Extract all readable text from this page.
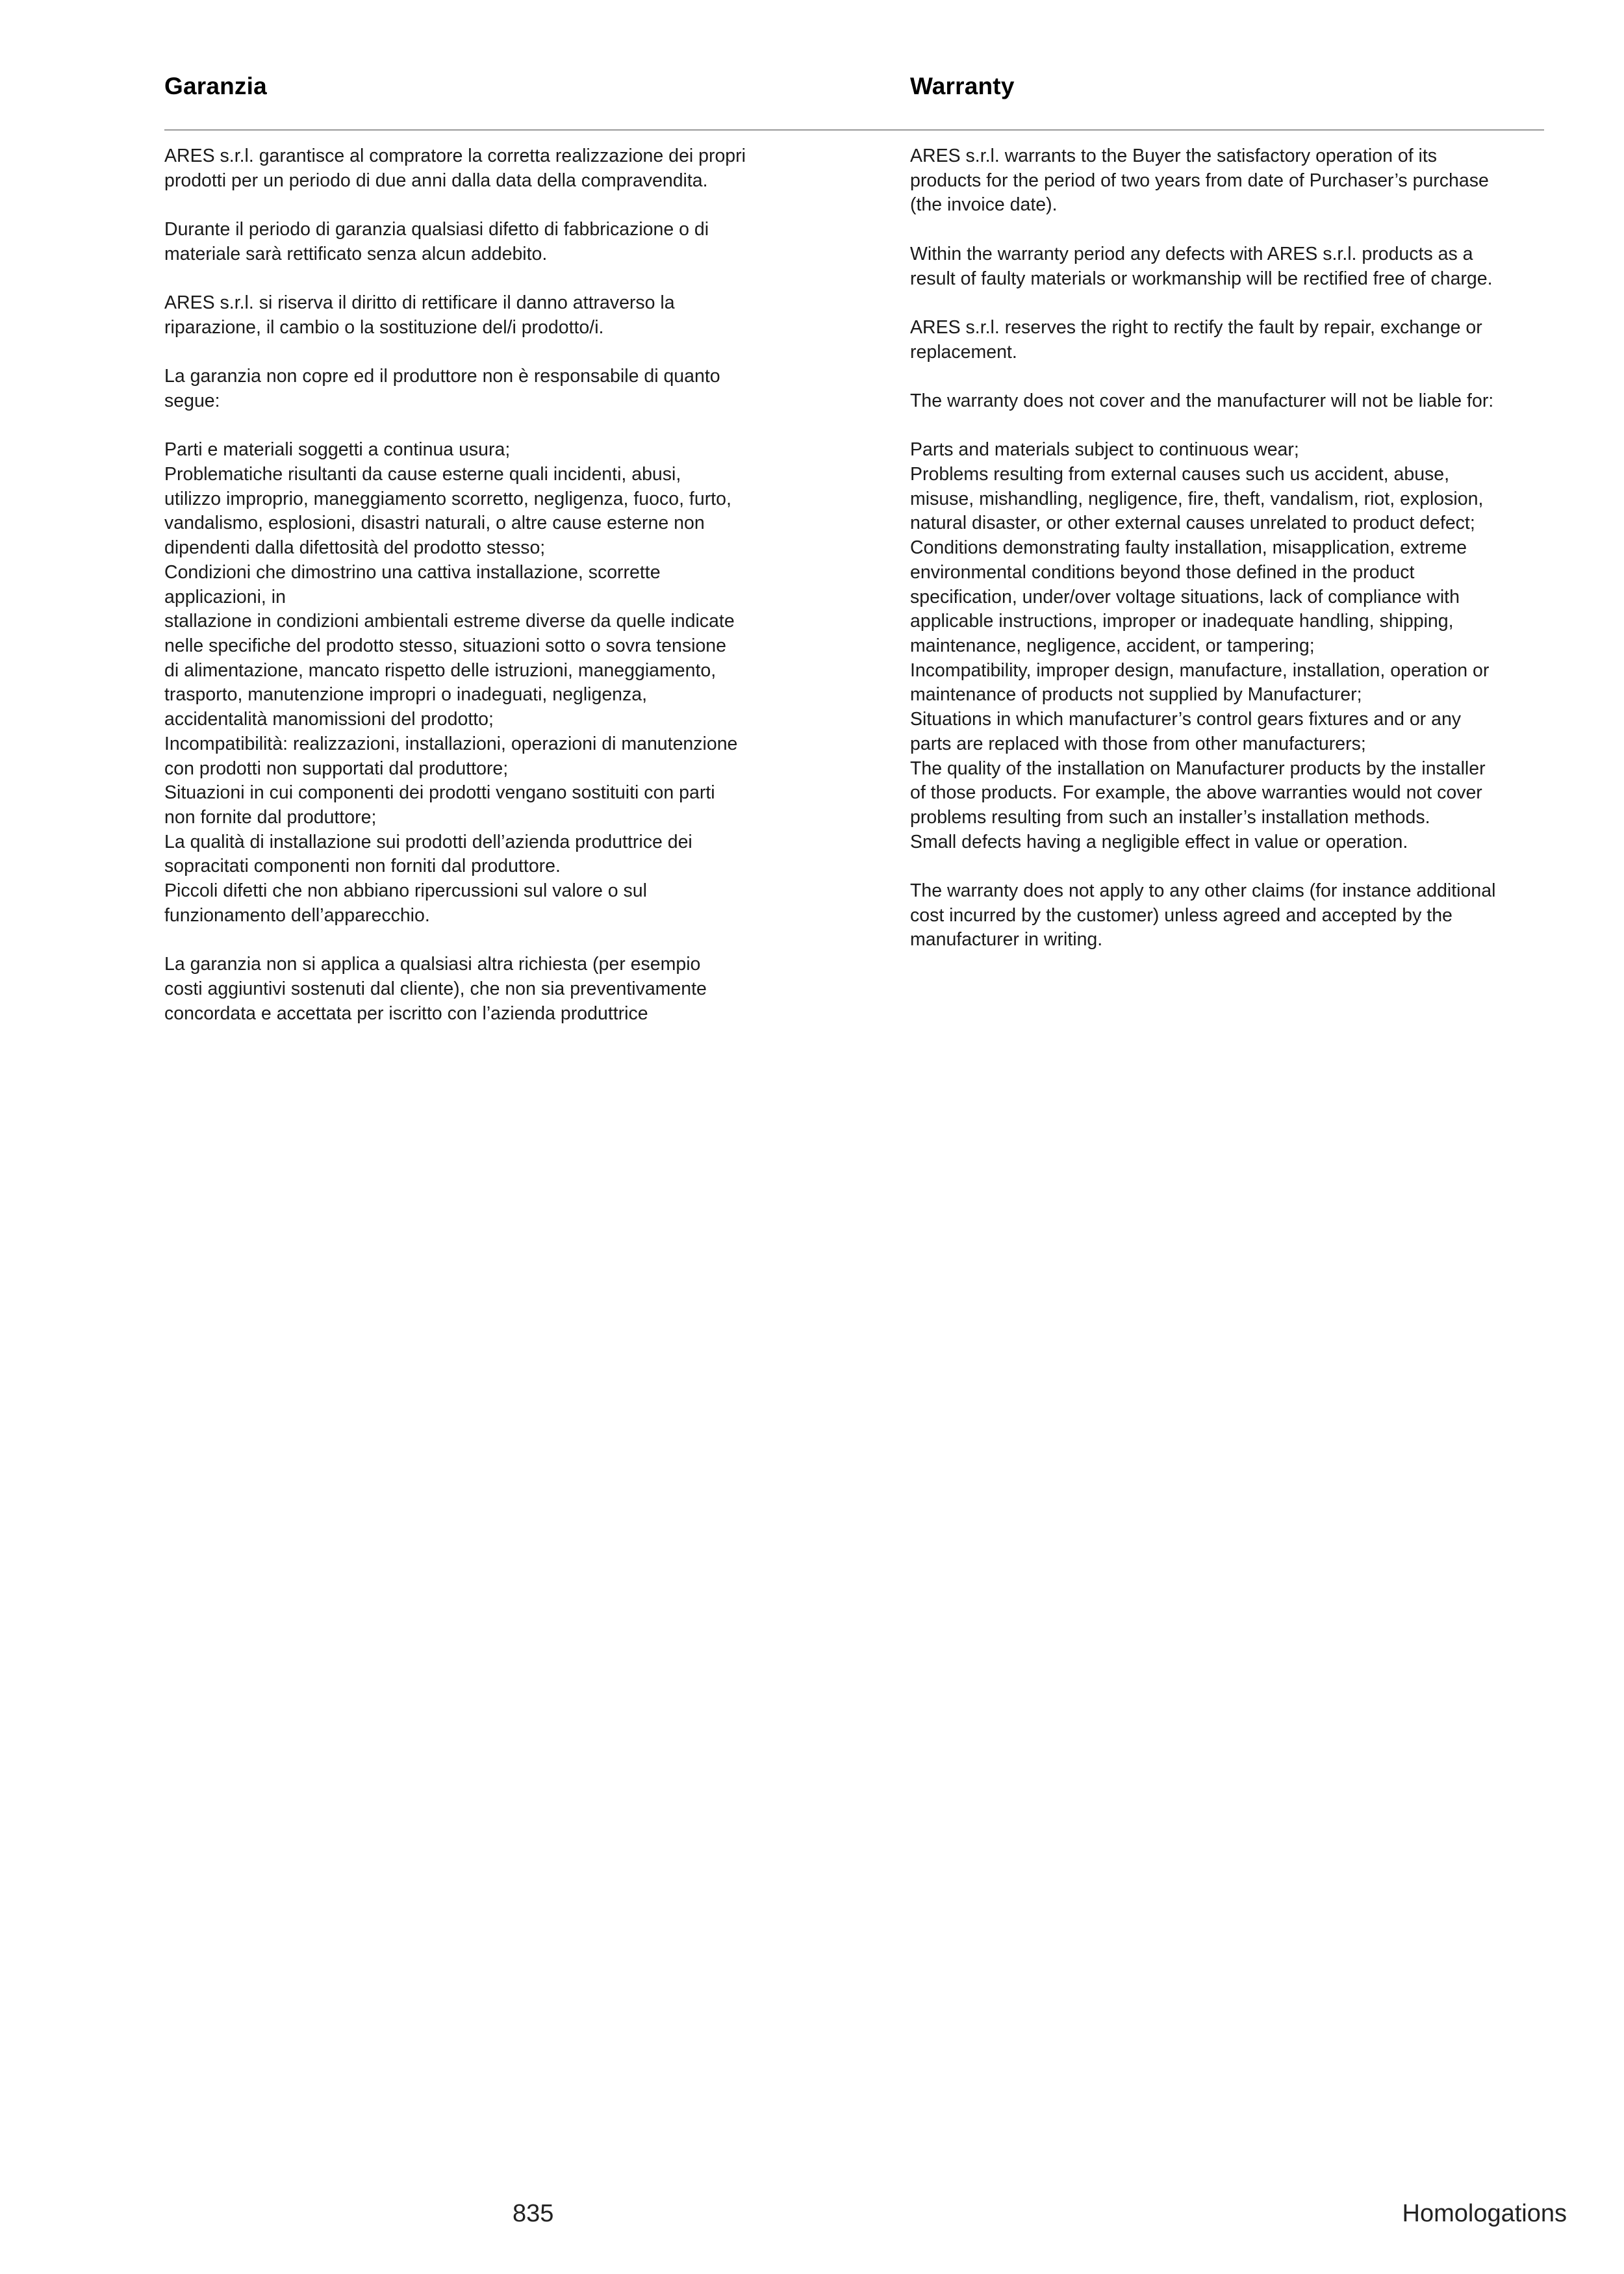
Garanzia
ARES s.r.l. garantisce al compratore la corretta realizzazione dei propri
prodotti per un periodo di due anni dalla data della compravendita.
Durante il periodo di garanzia qualsiasi difetto di fabbricazione o di
materiale sarà rettificato senza alcun addebito.
ARES s.r.l. si riserva il diritto di rettificare il danno attraverso la
riparazione, il cambio o la sostituzione del/i prodotto/i.
La garanzia non copre ed il produttore non è responsabile di quanto
segue:
Parti e materiali soggetti a continua usura;
Problematiche risultanti da cause esterne quali incidenti, abusi,
utilizzo improprio, maneggiamento scorretto, negligenza, fuoco, furto,
vandalismo, esplosioni, disastri naturali, o altre cause esterne non
dipendenti dalla difettosità del prodotto stesso;
Condizioni che dimostrino una cattiva installazione, scorrette
applicazioni, in
stallazione in condizioni ambientali estreme diverse da quelle indicate
nelle specifiche del prodotto stesso, situazioni sotto o sovra tensione
di alimentazione, mancato rispetto delle istruzioni, maneggiamento,
trasporto, manutenzione impropri o inadeguati, negligenza,
accidentalità manomissioni del prodotto;
Incompatibilità: realizzazioni, installazioni, operazioni di manutenzione
con prodotti non supportati dal produttore;
Situazioni in cui componenti dei prodotti vengano sostituiti con parti
non fornite dal produttore;
La qualità di installazione sui prodotti dell’azienda produttrice dei
sopracitati componenti non forniti dal produttore.
Piccoli difetti che non abbiano ripercussioni sul valore o sul
funzionamento dell’apparecchio.
La garanzia non si applica a qualsiasi altra richiesta (per esempio
costi aggiuntivi sostenuti dal cliente), che non sia preventivamente
concordata e accettata per iscritto con l’azienda produttrice
Warranty
ARES s.r.l. warrants to the Buyer the satisfactory operation of its
products for the period of two years from date of Purchaser’s purchase
(the invoice date).
Within the warranty period any defects with ARES s.r.l. products as a
result of faulty materials or workmanship will be rectified free of charge.
ARES s.r.l. reserves the right to rectify the fault by repair, exchange or
replacement.
The warranty does not cover and the manufacturer will not be liable for:
Parts and materials subject to continuous wear;
Problems resulting from external causes such us accident, abuse,
misuse, mishandling, negligence, fire, theft, vandalism, riot, explosion,
natural disaster, or other external causes unrelated to product defect;
Conditions demonstrating faulty installation, misapplication, extreme
environmental conditions beyond those defined in the product
specification, under/over voltage situations, lack of compliance with
applicable instructions, improper or inadequate handling, shipping,
maintenance, negligence, accident, or tampering;
Incompatibility, improper design, manufacture, installation, operation or
maintenance of products not supplied by Manufacturer;
Situations in which manufacturer’s control gears fixtures and or any
parts are replaced with those from other manufacturers;
The quality of the installation on Manufacturer products by the installer
of those products. For example, the above warranties would not cover
problems resulting from such an installer’s installation methods.
Small defects having a negligible effect in value or operation.
The warranty does not apply to any other claims (for instance additional
cost incurred by the customer) unless agreed and accepted by the
manufacturer in writing.
835	Homologations
